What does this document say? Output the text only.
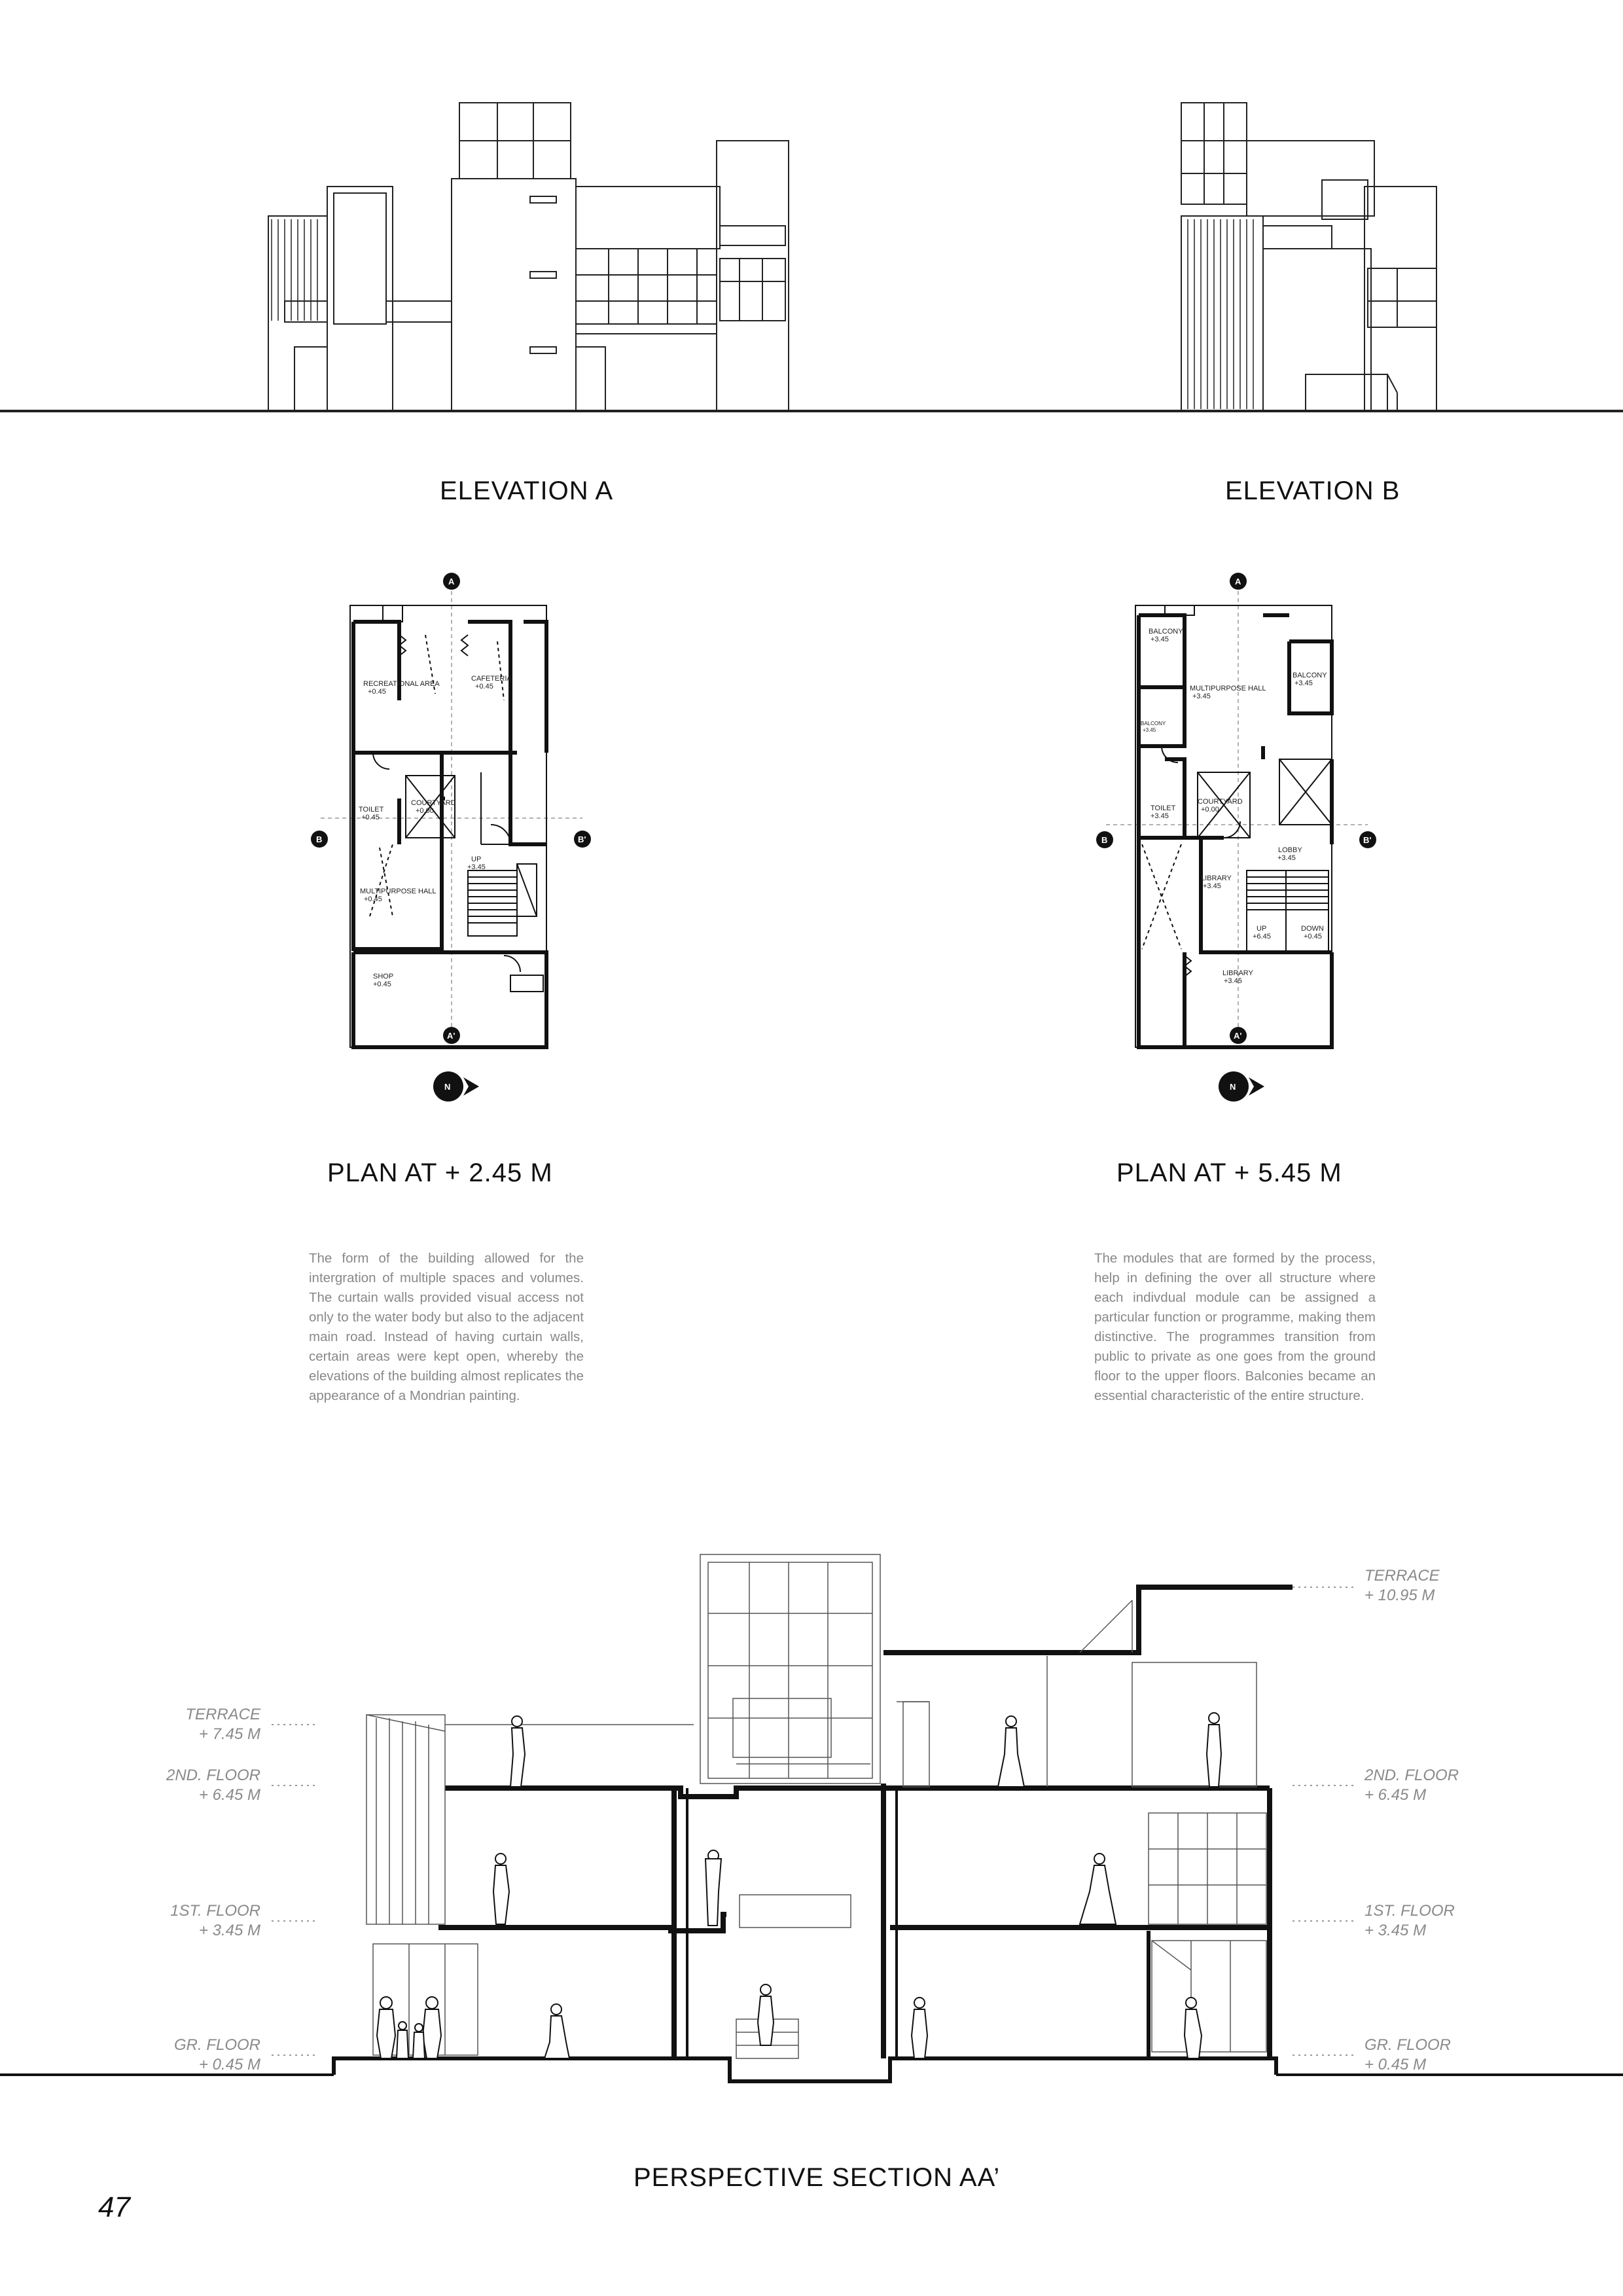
ELEVATION A	ELEVATION B
A
A'
B	B'
RECREATIONAL AREA
+0.45
CAFETERIA
+0.45
TOILET
+0.45
COURTYARD
+0.00
UP
+3.45
MULTIPURPOSE HALL
+0.45
SHOP
+0.45
N
PLAN AT + 2.45 M
A
A'
B	B'
BALCONY
+3.45
MULTIPURPOSE HALL
+3.45
BALCONY
+3.45
BALCONY
+3.45
TOILET
+3.45
COURTYARD
+0.00
LOBBY
+3.45
LIBRARY
+3.45
UP
+6.45
DOWN
+0.45
LIBRARY
+3.45
N
PLAN AT + 5.45 M
The form of the building allowed for the intergration of multiple spaces and volumes. The curtain walls provided visual access not only to the water body but also to the adjacent main road. Instead of having curtain walls, certain areas were kept open, whereby the elevations of the building almost replicates the appearance of a Mondrian painting.
The modules that are formed by the process, help in defining the over all structure where each indivdual module can be assigned a particular function or programme, making them distinctive. The programmes transition from public to private as one goes from the ground floor to the upper floors. Balconies became an essential characteristic of the entire structure.
TERRACE
+ 7.45 M
2ND. FLOOR
+ 6.45 M
1ST. FLOOR
+ 3.45 M
GR. FLOOR
+ 0.45 M
TERRACE
+ 10.95 M
2ND. FLOOR
+ 6.45 M
1ST. FLOOR
+ 3.45 M
GR. FLOOR
+ 0.45 M
PERSPECTIVE SECTION AA’
47
